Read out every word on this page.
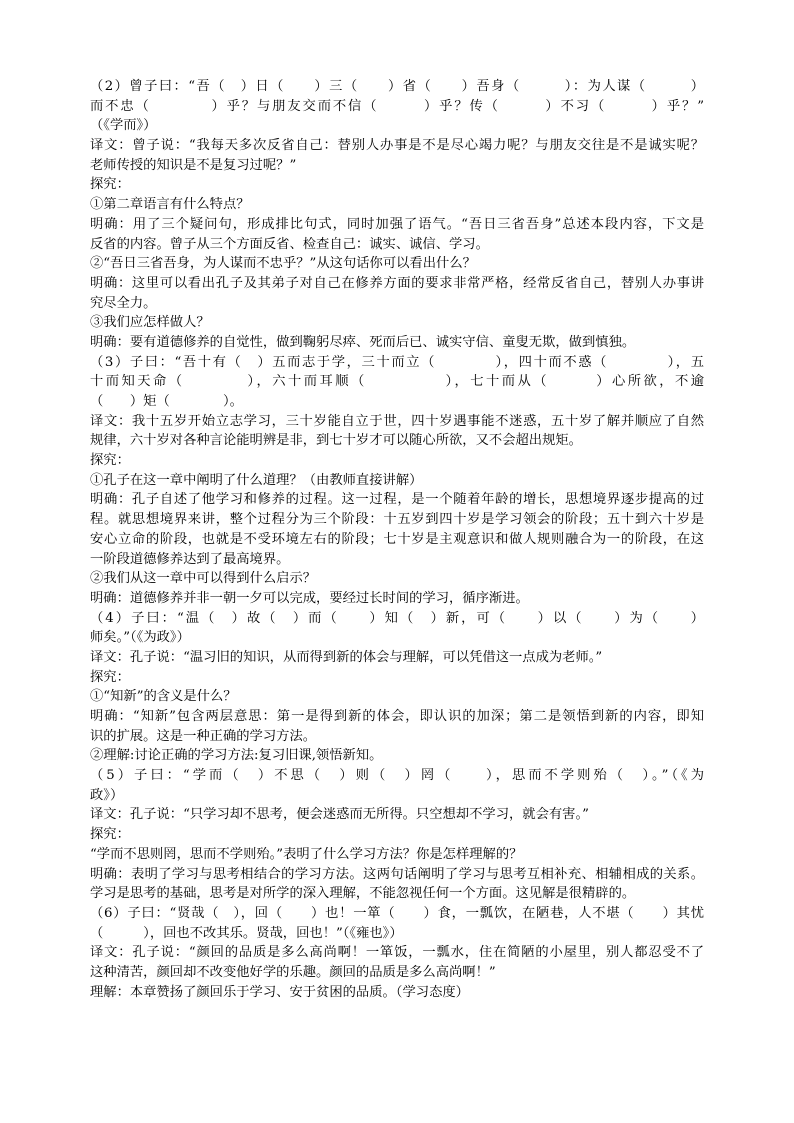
（2）曾子曰：“吾（　）日（　　）三（　　）省（　　）吾身（　　　）：为人谋（　　　）
而不忠（　　　　）乎？与朋友交而不信（　　　）乎？传（　　　）不习（　　　）乎？”
（《学而》）
译文：曾子说：“我每天多次反省自己：替别人办事是不是尽心竭力呢？与朋友交往是不是诚实呢？
老师传授的知识是不是复习过呢？”
探究：
①第二章语言有什么特点？
明确：用了三个疑问句，形成排比句式，同时加强了语气。“吾日三省吾身”总述本段内容，下文是
反省的内容。曾子从三个方面反省、检查自己：诚实、诚信、学习。
②“吾日三省吾身，为人谋而不忠乎？”从这句话你可以看出什么？
明确：这里可以看出孔子及其弟子对自己在修养方面的要求非常严格，经常反省自己，替别人办事讲
究尽全力。
③我们应怎样做人？
明确：要有道德修养的自觉性，做到鞠躬尽瘁、死而后已、诚实守信、童叟无欺，做到慎独。
（3）子曰：“吾十有（　）五而志于学，三十而立（　　　　），四十而不惑（　　　　），五
十而知天命（　　　　），六十而耳顺（　　　　　），七十而从（　　　）心所欲，不逾
（　　）矩（　　　　）。
译文：我十五岁开始立志学习，三十岁能自立于世，四十岁遇事能不迷惑，五十岁了解并顺应了自然
规律，六十岁对各种言论能明辨是非，到七十岁才可以随心所欲，又不会超出规矩。
探究：
①孔子在这一章中阐明了什么道理？（由教师直接讲解）
明确：孔子自述了他学习和修养的过程。这一过程，是一个随着年龄的增长，思想境界逐步提高的过
程。就思想境界来讲，整个过程分为三个阶段：十五岁到四十岁是学习领会的阶段；五十到六十岁是
安心立命的阶段，也就是不受环境左右的阶段；七十岁是主观意识和做人规则融合为一的阶段，在这
一阶段道德修养达到了最高境界。
②我们从这一章中可以得到什么启示？
明确：道德修养并非一朝一夕可以完成，要经过长时间的学习，循序渐进。
（4）子曰：“温（　）故（　）而（　　）知（　）新，可（　　）以（　　）为（　　）
师矣。”（《为政》）
译文：孔子说：“温习旧的知识，从而得到新的体会与理解，可以凭借这一点成为老师。”
探究：
①“知新”的含义是什么？
明确：“知新”包含两层意思：第一是得到新的体会，即认识的加深；第二是领悟到新的内容，即知
识的扩展。这是一种正确的学习方法。
②理解:讨论正确的学习方法:复习旧课,领悟新知。
（5）子曰：“学而（　）不思（　）则（　）罔（　　），思而不学则殆（　）。”（《为
政》）
译文：孔子说：“只学习却不思考，便会迷惑而无所得。只空想却不学习，就会有害。”
探究：
“学而不思则罔，思而不学则殆。”表明了什么学习方法？你是怎样理解的？
明确：表明了学习与思考相结合的学习方法。这两句话阐明了学习与思考互相补充、相辅相成的关系。
学习是思考的基础，思考是对所学的深入理解，不能忽视任何一个方面。这见解是很精辟的。
（6）子曰：“贤哉（　），回（　　）也！一箪（　　）食，一瓢饮，在陋巷，人不堪（　　）其忧
（　　　），回也不改其乐。贤哉，回也！”（《雍也》）
译文：孔子说：“颜回的品质是多么高尚啊！一箪饭，一瓢水，住在简陋的小屋里，别人都忍受不了
这种清苦，颜回却不改变他好学的乐趣。颜回的品质是多么高尚啊！”
理解：本章赞扬了颜回乐于学习、安于贫困的品质。（学习态度）
